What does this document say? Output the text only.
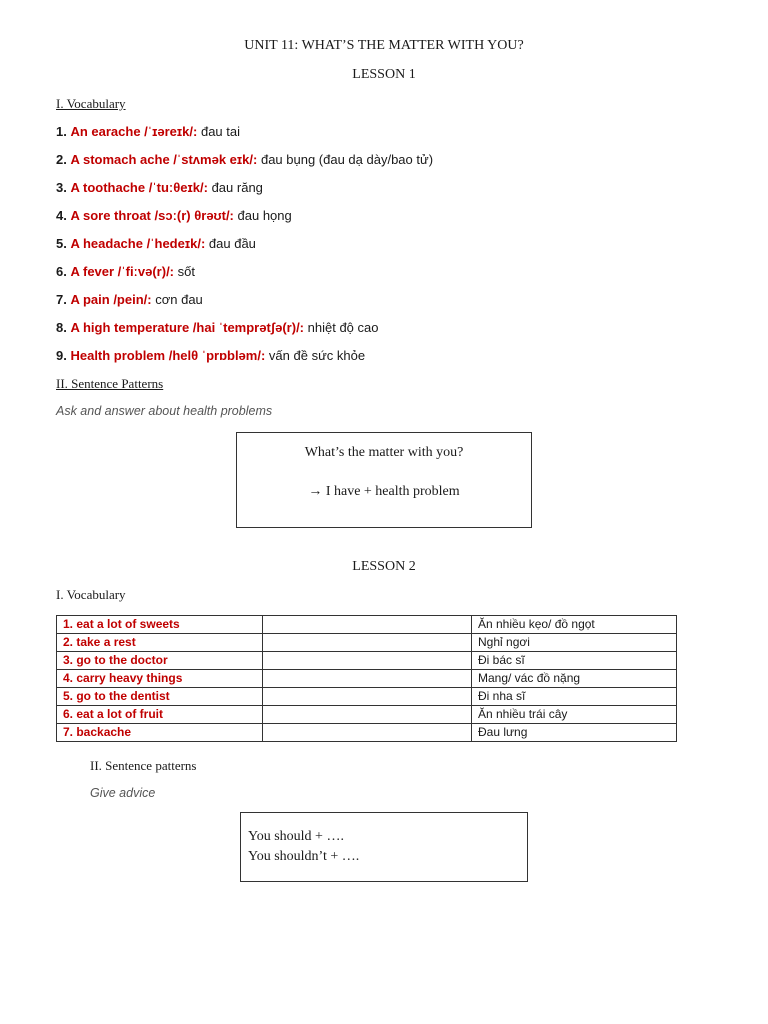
UNIT 11: WHAT’S THE MATTER WITH YOU?
LESSON 1
I. Vocabulary
1. An earache /ˈɪəreɪk/: đau tai
2. A stomach ache /ˈstʌmək eɪk/: đau bụng (đau dạ dày/bao tử)
3. A toothache /ˈtuːθeɪk/: đau răng
4. A sore throat /sɔː(r) θrəʊt/: đau họng
5. A headache /ˈhedeɪk/: đau đầu
6. A fever /ˈfiːvə(r)/: sốt
7. A pain /pein/: cơn đau
8. A high temperature /hai ˈtemprətʃə(r)/: nhiệt độ cao
9. Health problem /helθ ˈprɒbləm/: vấn đề sức khỏe
II. Sentence Patterns
Ask and answer about health problems
What’s the matter with you?
→ I have + health problem
LESSON 2
I. Vocabulary
1. eat a lot of sweets		Ăn nhiều kẹo/ đồ ngọt
2. take a rest		Nghỉ ngơi
3. go to the doctor		Đi bác sĩ
4. carry heavy things		Mang/ vác đồ nặng
5. go to the dentist		Đi nha sĩ
6. eat a lot of fruit		Ăn nhiều trái cây
7. backache		Đau lưng
II. Sentence patterns
Give advice
You should + ….
You shouldn’t + ….
